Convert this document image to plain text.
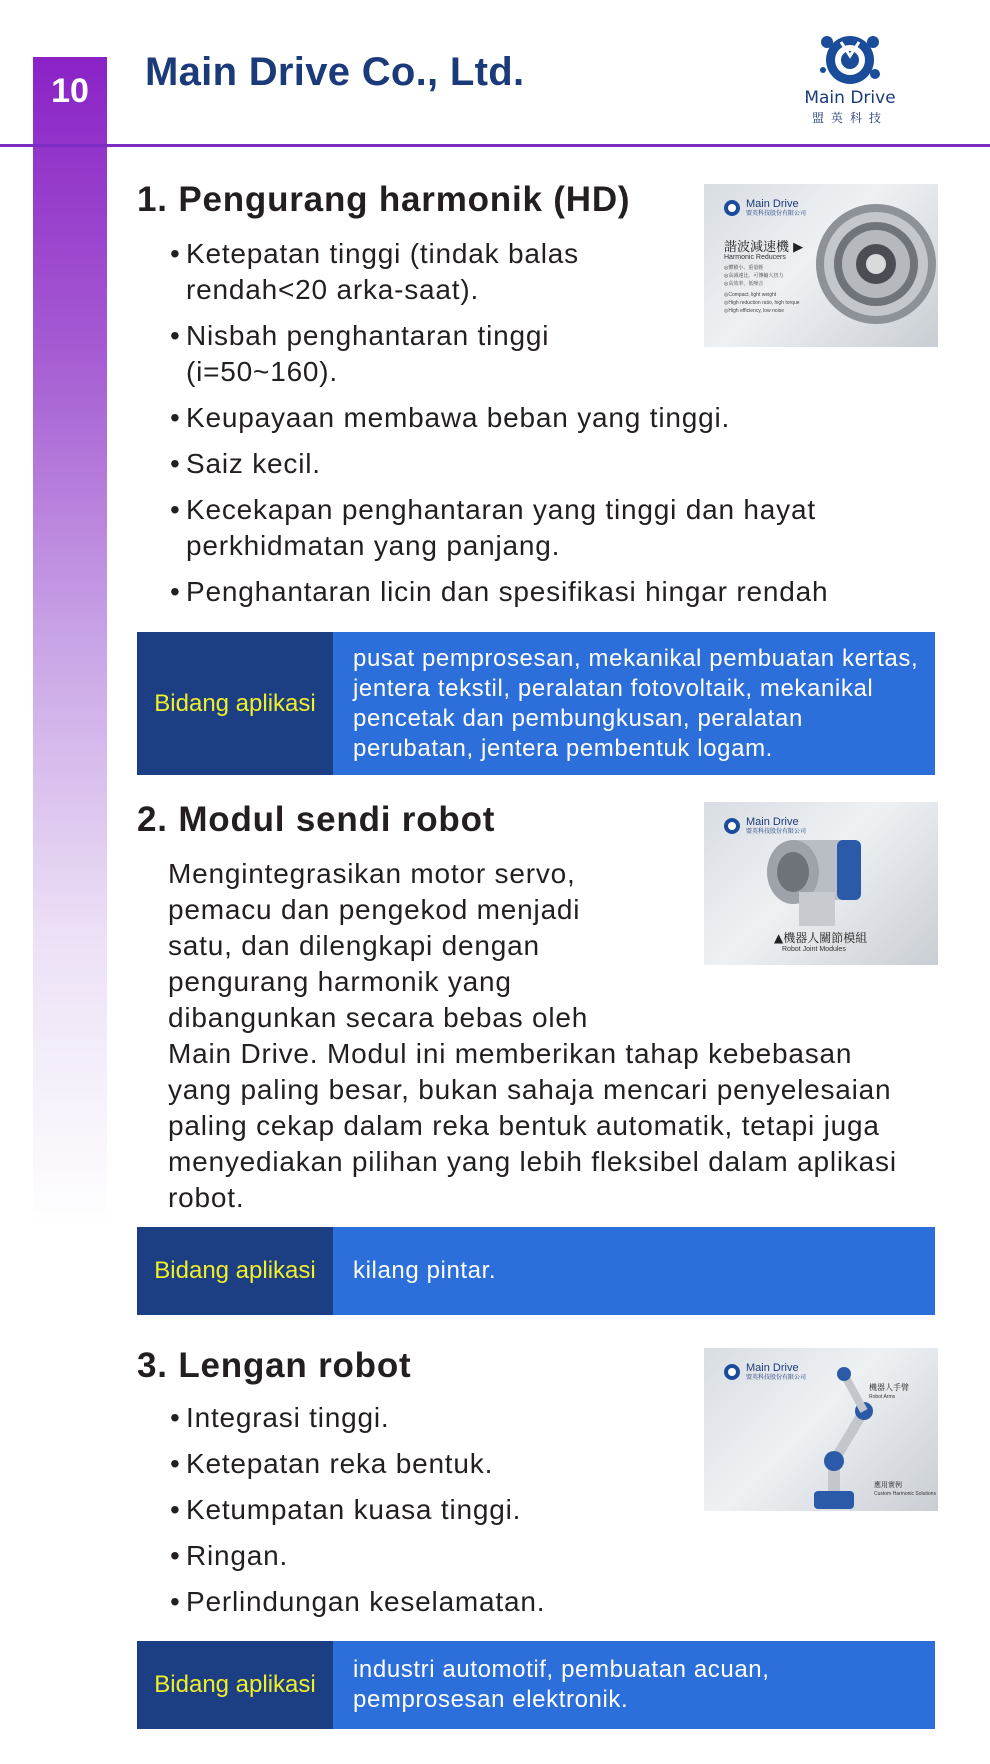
10	Main Drive Co., Ltd.
Main Drive
盟英科技
1. Pengurang harmonik (HD)
• Ketepatan tinggi (tindak balas rendah<20 arka-saat).
• Nisbah penghantaran tinggi (i=50~160).
• Keupayaan membawa beban yang tinggi.
• Saiz kecil.
• Kecekapan penghantaran yang tinggi dan hayat perkhidmatan yang panjang.
• Penghantaran licin dan spesifikasi hingar rendah
Bidang aplikasi
pusat pemprosesan, mekanikal pembuatan kertas, jentera tekstil, peralatan fotovoltaik, mekanikal pencetak dan pembungkusan, peralatan perubatan, jentera pembentuk logam.
Main Drive
盟英科技股份有限公司
諧波減速機 ▶
Harmonic Reducers
◎體積小、重量輕
◎高減速比、可傳輸大扭力
◎高效率、低噪音
◎Compact, light weight
◎High reduction ratio, high torque
◎High efficiency, low noise
2. Modul sendi robot
Mengintegrasikan motor servo, pemacu dan pengekod menjadi satu, dan dilengkapi dengan pengurang harmonik yang dibangunkan secara bebas oleh Main Drive. Modul ini memberikan tahap kebebasan yang paling besar, bukan sahaja mencari penyelesaian paling cekap dalam reka bentuk automatik, tetapi juga menyediakan pilihan yang lebih fleksibel dalam aplikasi robot.
Bidang aplikasi	kilang pintar.
Main Drive
盟英科技股份有限公司
▲機器人關節模組
Robot Joint Modules
3. Lengan robot
• Integrasi tinggi.
• Ketepatan reka bentuk.
• Ketumpatan kuasa tinggi.
• Ringan.
• Perlindungan keselamatan.
Bidang aplikasi
industri automotif, pembuatan acuan, pemprosesan elektronik.
Main Drive
盟英科技股份有限公司
機器人手臂
Robot Arms
應用實例
Custom Harmonic Solutions
